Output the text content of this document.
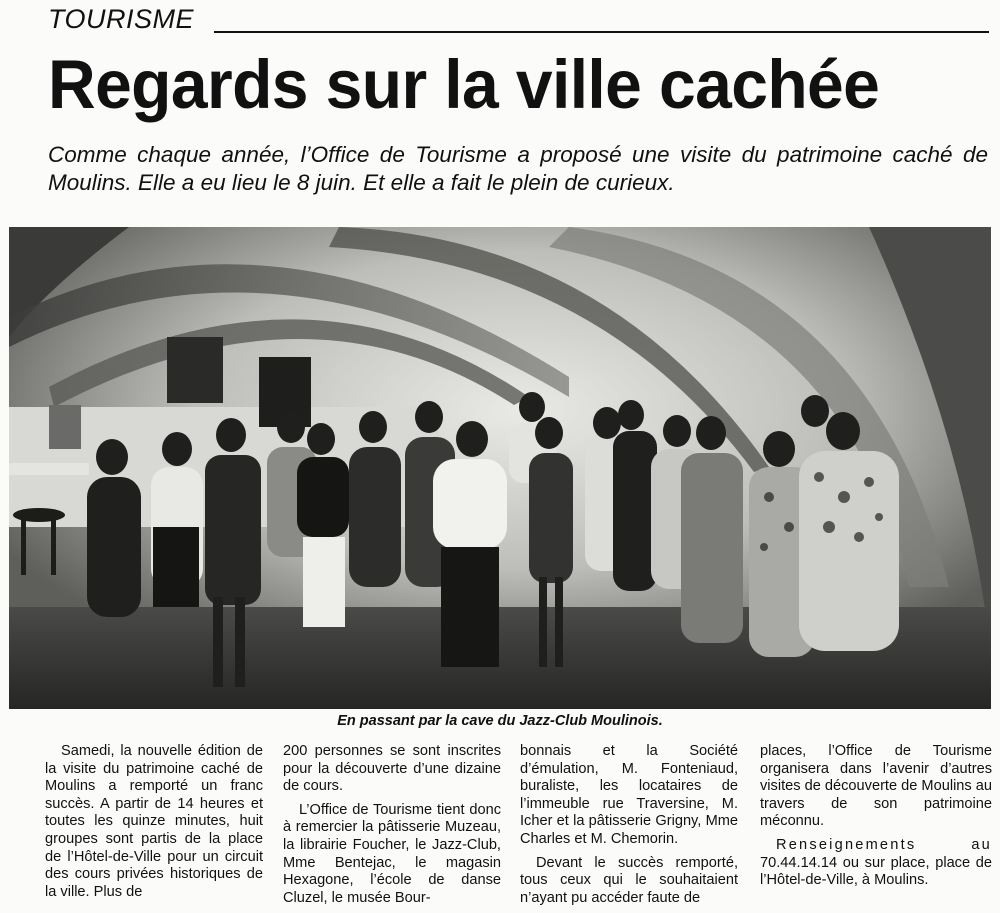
TOURISME
Regards sur la ville cachée
Comme chaque année, l’Office de Tourisme a proposé une visite du patrimoine caché de Moulins. Elle a eu lieu le 8 juin. Et elle a fait le plein de curieux.
En passant par la cave du Jazz-Club Moulinois.

Samedi, la nouvelle édition de la visite du patrimoine caché de Moulins a remporté un franc succès. A partir de 14 heures et toutes les quinze minutes, huit groupes sont partis de la place de l’Hôtel-de-Ville pour un circuit des cours privées historiques de la ville. Plus de

200 personnes se sont inscrites pour la découverte d’une dizaine de cours.

L’Office de Tourisme tient donc à remercier la pâtisserie Muzeau, la librairie Foucher, le Jazz-Club, Mme Bentejac, le magasin Hexagone, l’école de danse Cluzel, le musée Bour-

bonnais et la Société d’émulation, M. Fonteniaud, buraliste, les locataires de l’immeuble rue Traversine, M. Icher et la pâtisserie Grigny, Mme Charles et M. Chemorin.

Devant le succès remporté, tous ceux qui le souhaitaient n’ayant pu accéder faute de

places, l’Office de Tourisme organisera dans l’avenir d’autres visites de découverte de Moulins au travers de son patrimoine méconnu.

Renseignements au 70.44.14.14 ou sur place, place de l’Hôtel-de-Ville, à Moulins.
